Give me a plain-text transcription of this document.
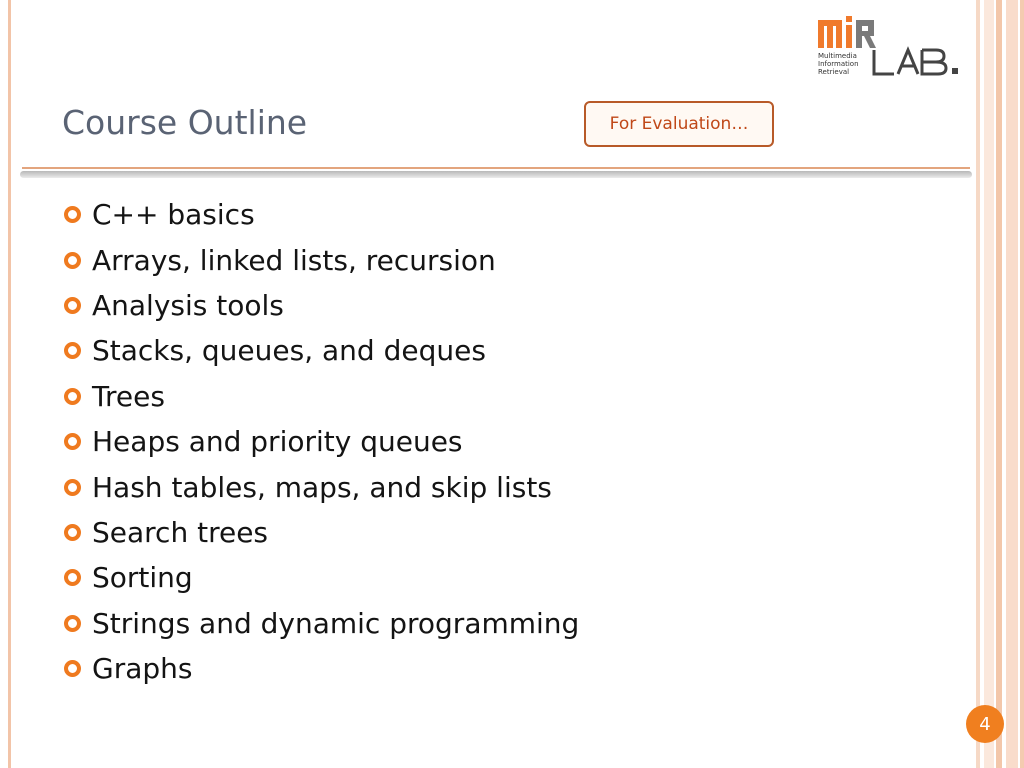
Multimedia
Information
Retrieval
Course Outline	For Evaluation…
C++ basics
Arrays, linked lists, recursion
Analysis tools
Stacks, queues, and deques
Trees
Heaps and priority queues
Hash tables, maps, and skip lists
Search trees
Sorting
Strings and dynamic programming
Graphs
4
